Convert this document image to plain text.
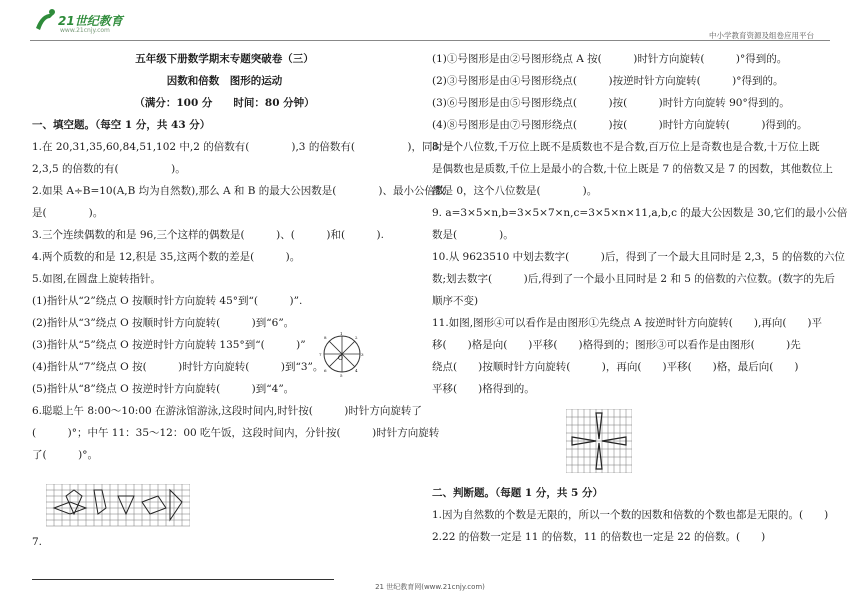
21世纪教育
www.21cnjy.com
中小学教育资源及组卷应用平台
五年级下册数学期末专题突破卷（三）
因数和倍数　图形的运动
（满分：100 分　　时间：80 分钟）
一、填空题。（每空 1 分，共 43 分）
1.在 20,31,35,60,84,51,102 中,2 的倍数有(　　　　),3 的倍数有(　　　　　)，同时是
2,3,5 的倍数的有(　　　　　)。
2.如果 A÷B=10(A,B 均为自然数),那么 A 和 B 的最大公因数是(　　　　)、最小公倍数
是(　　　　)。
3.三个连续偶数的和是 96,三个这样的偶数是(　　　)、(　　　)和(　　　).
4.两个质数的和是 12,积是 35,这两个数的差是(　　　)。
5.如图,在圆盘上旋转指针。
(1)指针从“2”绕点 O 按顺时针方向旋转 45°到“(　　　)”.
(2)指针从“3”绕点 O 按顺时针方向旋转(　　　)到“6”。
(3)指针从“5”绕点 O 按逆时针方向旋转 135°到“(　　　)”
(4)指针从“7”绕点 O 按(　　　)时针方向旋转(　　　)到“3”。
(5)指针从“8”绕点 O 按逆时针方向旋转(　　　)到“4”。
6.聪聪上午 8:00～10:00 在游泳馆游泳,这段时间内,时针按(　　　)时针方向旋转了
(　　　)°；中午 11：35～12：00 吃午饭，这段时间内，分针按(　　　)时针方向旋转
了(　　　)°。
7.
1
2
3
4
5
6
7
8
O
(1)①号图形是由②号图形绕点 A 按(　　　)时针方向旋转(　　　)°得到的。
(2)③号图形是由④号图形绕点(　　　)按逆时针方向旋转(　　　)°得到的。
(3)⑥号图形是由⑤号图形绕点(　　　)按(　　　)时针方向旋转 90°得到的。
(4)⑧号图形是由⑦号图形绕点(　　　)按(　　　)时针方向旋转(　　　)得到的。
8.一个八位数,千万位上既不是质数也不是合数,百万位上是奇数也是合数,十万位上既
是偶数也是质数,千位上是最小的合数,十位上既是 7 的倍数又是 7 的因数，其他数位上
都是 0，这个八位数是(　　　　)。
9. a=3×5×n,b=3×5×7×n,c=3×5×n×11,a,b,c 的最大公因数是 30,它们的最小公倍
数是(　　　　)。
10.从 9623510 中划去数字(　　　)后，得到了一个最大且同时是 2,3，5 的倍数的六位
数;划去数字(　　　)后,得到了一个最小且同时是 2 和 5 的倍数的六位数。(数字的先后
顺序不变)
11.如图,图形④可以看作是由图形①先绕点 A 按逆时针方向旋转(　　),再向(　　)平
移(　　)格是向(　　)平移(　　)格得到的；图形③可以看作是由图形(　　　)先
绕点(　　)按顺时针方向旋转(　　　)，再向(　　)平移(　　)格，最后向(　　)
平移(　　)格得到的。
二、判断题。（每题 1 分，共 5 分）
1.因为自然数的个数是无限的，所以一个数的因数和倍数的个数也都是无限的。(　　)
2.22 的倍数一定是 11 的倍数，11 的倍数也一定是 22 的倍数。(　　)
21 世纪教育网(www.21cnjy.com)
